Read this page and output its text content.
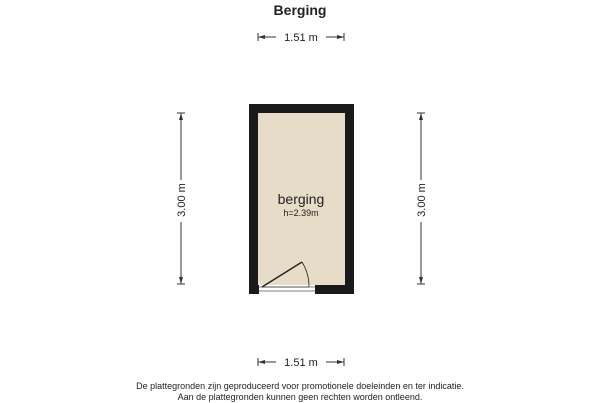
Berging
1.51 m
1.51 m
3.00 m	3.00 m
berging
h=2.39m
De plattegronden zijn geproduceerd voor promotionele doeleinden en ter indicatie.
Aan de plattegronden kunnen geen rechten worden ontleend.
